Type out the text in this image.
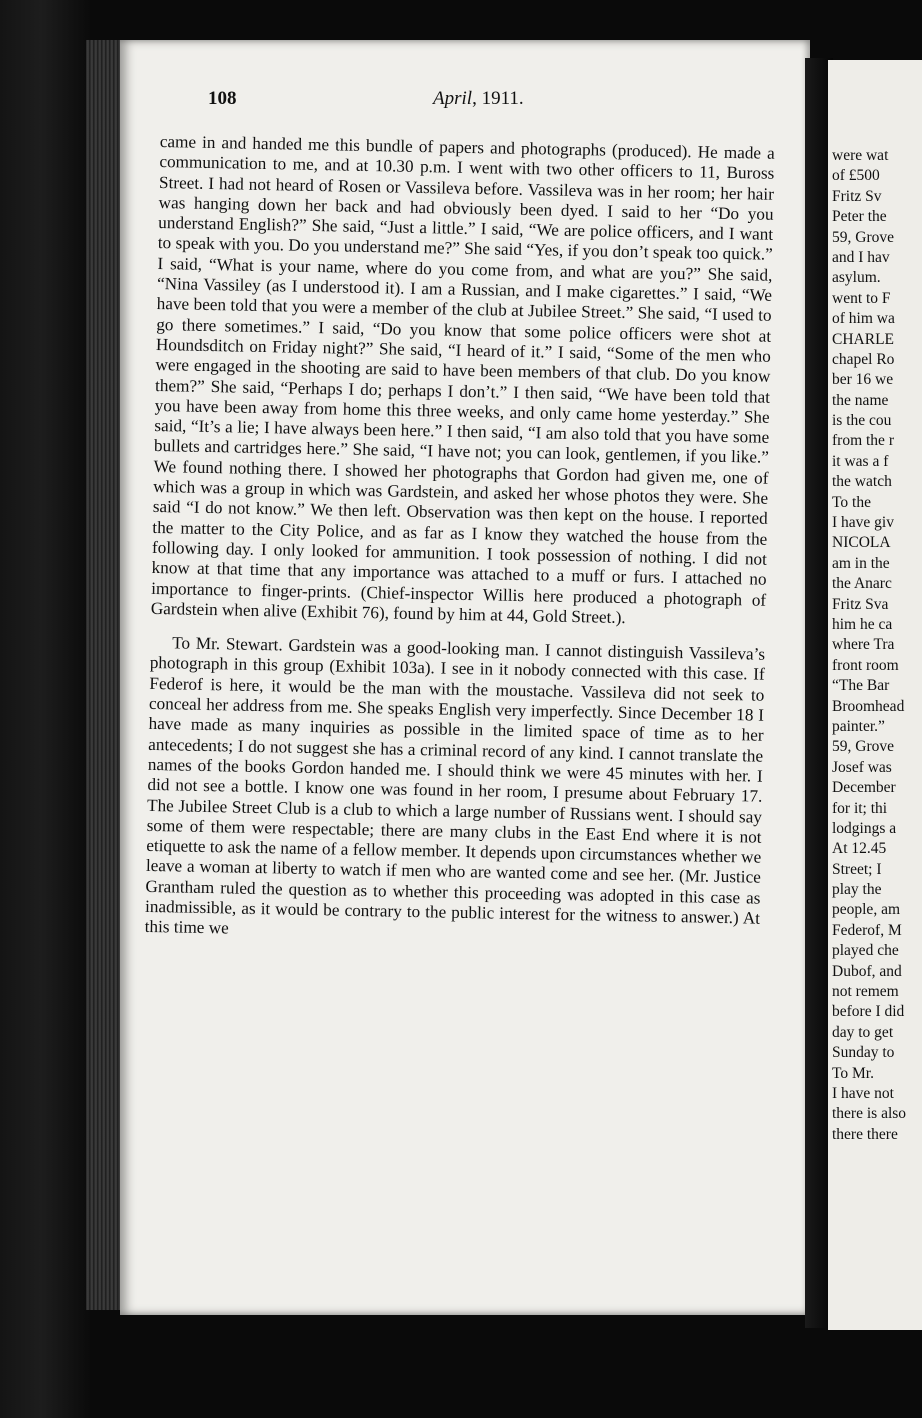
108	April, 1911.

came in and handed me this bundle of papers and photographs (produced). He made a communication to me, and at 10.30 p.m. I went with two other officers to 11, Buross Street. I had not heard of Rosen or Vassileva before. Vassileva was in her room; her hair was hanging down her back and had obviously been dyed. I said to her “Do you understand English?” She said, “Just a little.” I said, “We are police officers, and I want to speak with you. Do you understand me?” She said “Yes, if you don’t speak too quick.” I said, “What is your name, where do you come from, and what are you?” She said, “Nina Vassiley (as I understood it). I am a Russian, and I make cigarettes.” I said, “We have been told that you were a member of the club at Jubilee Street.” She said, “I used to go there sometimes.” I said, “Do you know that some police officers were shot at Houndsditch on Friday night?” She said, “I heard of it.” I said, “Some of the men who were engaged in the shooting are said to have been members of that club. Do you know them?” She said, “Perhaps I do; perhaps I don’t.” I then said, “We have been told that you have been away from home this three weeks, and only came home yesterday.” She said, “It’s a lie; I have always been here.” I then said, “I am also told that you have some bullets and cartridges here.” She said, “I have not; you can look, gentlemen, if you like.” We found nothing there. I showed her photographs that Gordon had given me, one of which was a group in which was Gardstein, and asked her whose photos they were. She said “I do not know.” We then left. Observation was then kept on the house. I reported the matter to the City Police, and as far as I know they watched the house from the following day. I only looked for ammunition. I took possession of nothing. I did not know at that time that any importance was attached to a muff or furs. I attached no importance to finger-prints. (Chief-inspector Willis here produced a photograph of Gardstein when alive (Exhibit 76), found by him at 44, Gold Street.).

To Mr. Stewart. Gardstein was a good-looking man. I cannot distinguish Vassileva’s photograph in this group (Exhibit 103a). I see in it nobody connected with this case. If Federof is here, it would be the man with the moustache. Vassileva did not seek to conceal her address from me. She speaks English very imperfectly. Since December 18 I have made as many inquiries as possible in the limited space of time as to her antecedents; I do not suggest she has a criminal record of any kind. I cannot translate the names of the books Gordon handed me. I should think we were 45 minutes with her. I did not see a bottle. I know one was found in her room, I presume about February 17. The Jubilee Street Club is a club to which a large number of Russians went. I should say some of them were respectable; there are many clubs in the East End where it is not etiquette to ask the name of a fellow member. It depends upon circumstances whether we leave a woman at liberty to watch if men who are wanted come and see her. (Mr. Justice Grantham ruled the question as to whether this proceeding was adopted in this case as inadmissible, as it would be contrary to the public interest for the witness to answer.) At this time we

were wat
of £500
Fritz Sv
Peter the
59, Grove
and I hav
asylum.
went to F
of him wa
CHARLE
chapel Ro
ber 16 we
the name
is the cou
from the r
it was a f
the watch
To the
I have giv
NICOLA
am in the
the Anarc
Fritz Sva
him he ca
where Tra
front room
“The Bar
Broomhead
painter.”
59, Grove
Josef was
December
for it; thi
lodgings a
At 12.45
Street; I
play the
people, am
Federof, M
played che
Dubof, and
not remem
before I did
day to get
Sunday to
To Mr.
I have not
there is also
there there
